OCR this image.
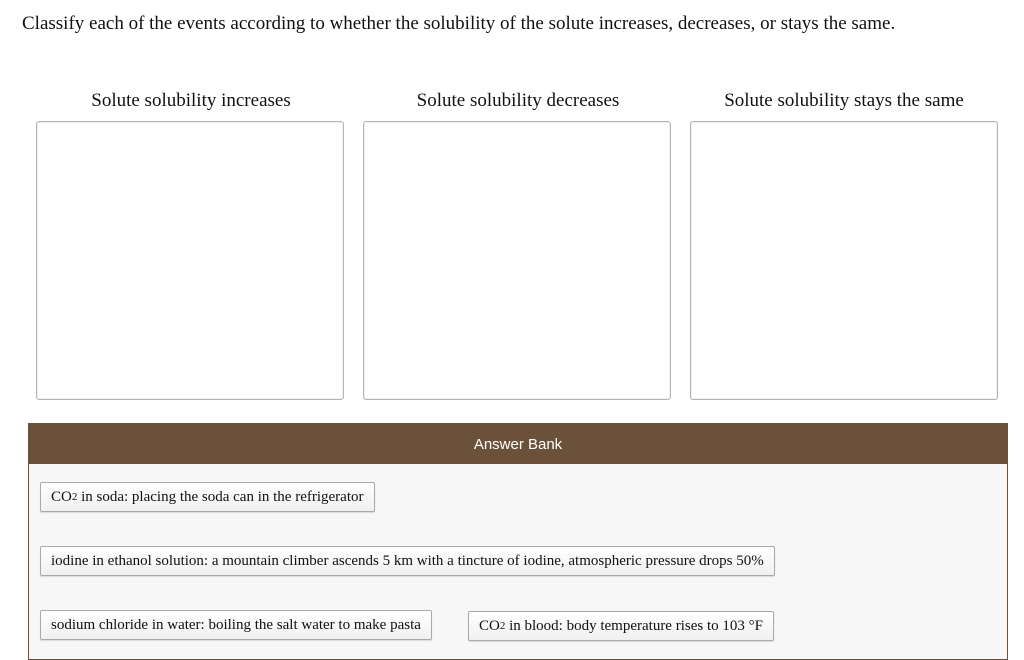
Classify each of the events according to whether the solubility of the solute increases, decreases, or stays the same.
Solute solubility increases	Solute solubility decreases	Solute solubility stays the same
Answer Bank
CO 2 in soda: placing the soda can in the refrigerator
iodine in ethanol solution: a mountain climber ascends 5 km with a tincture of iodine, atmospheric pressure drops 50%
sodium chloride in water: boiling the salt water to make pasta	CO 2 in blood: body temperature rises to 103 °F
